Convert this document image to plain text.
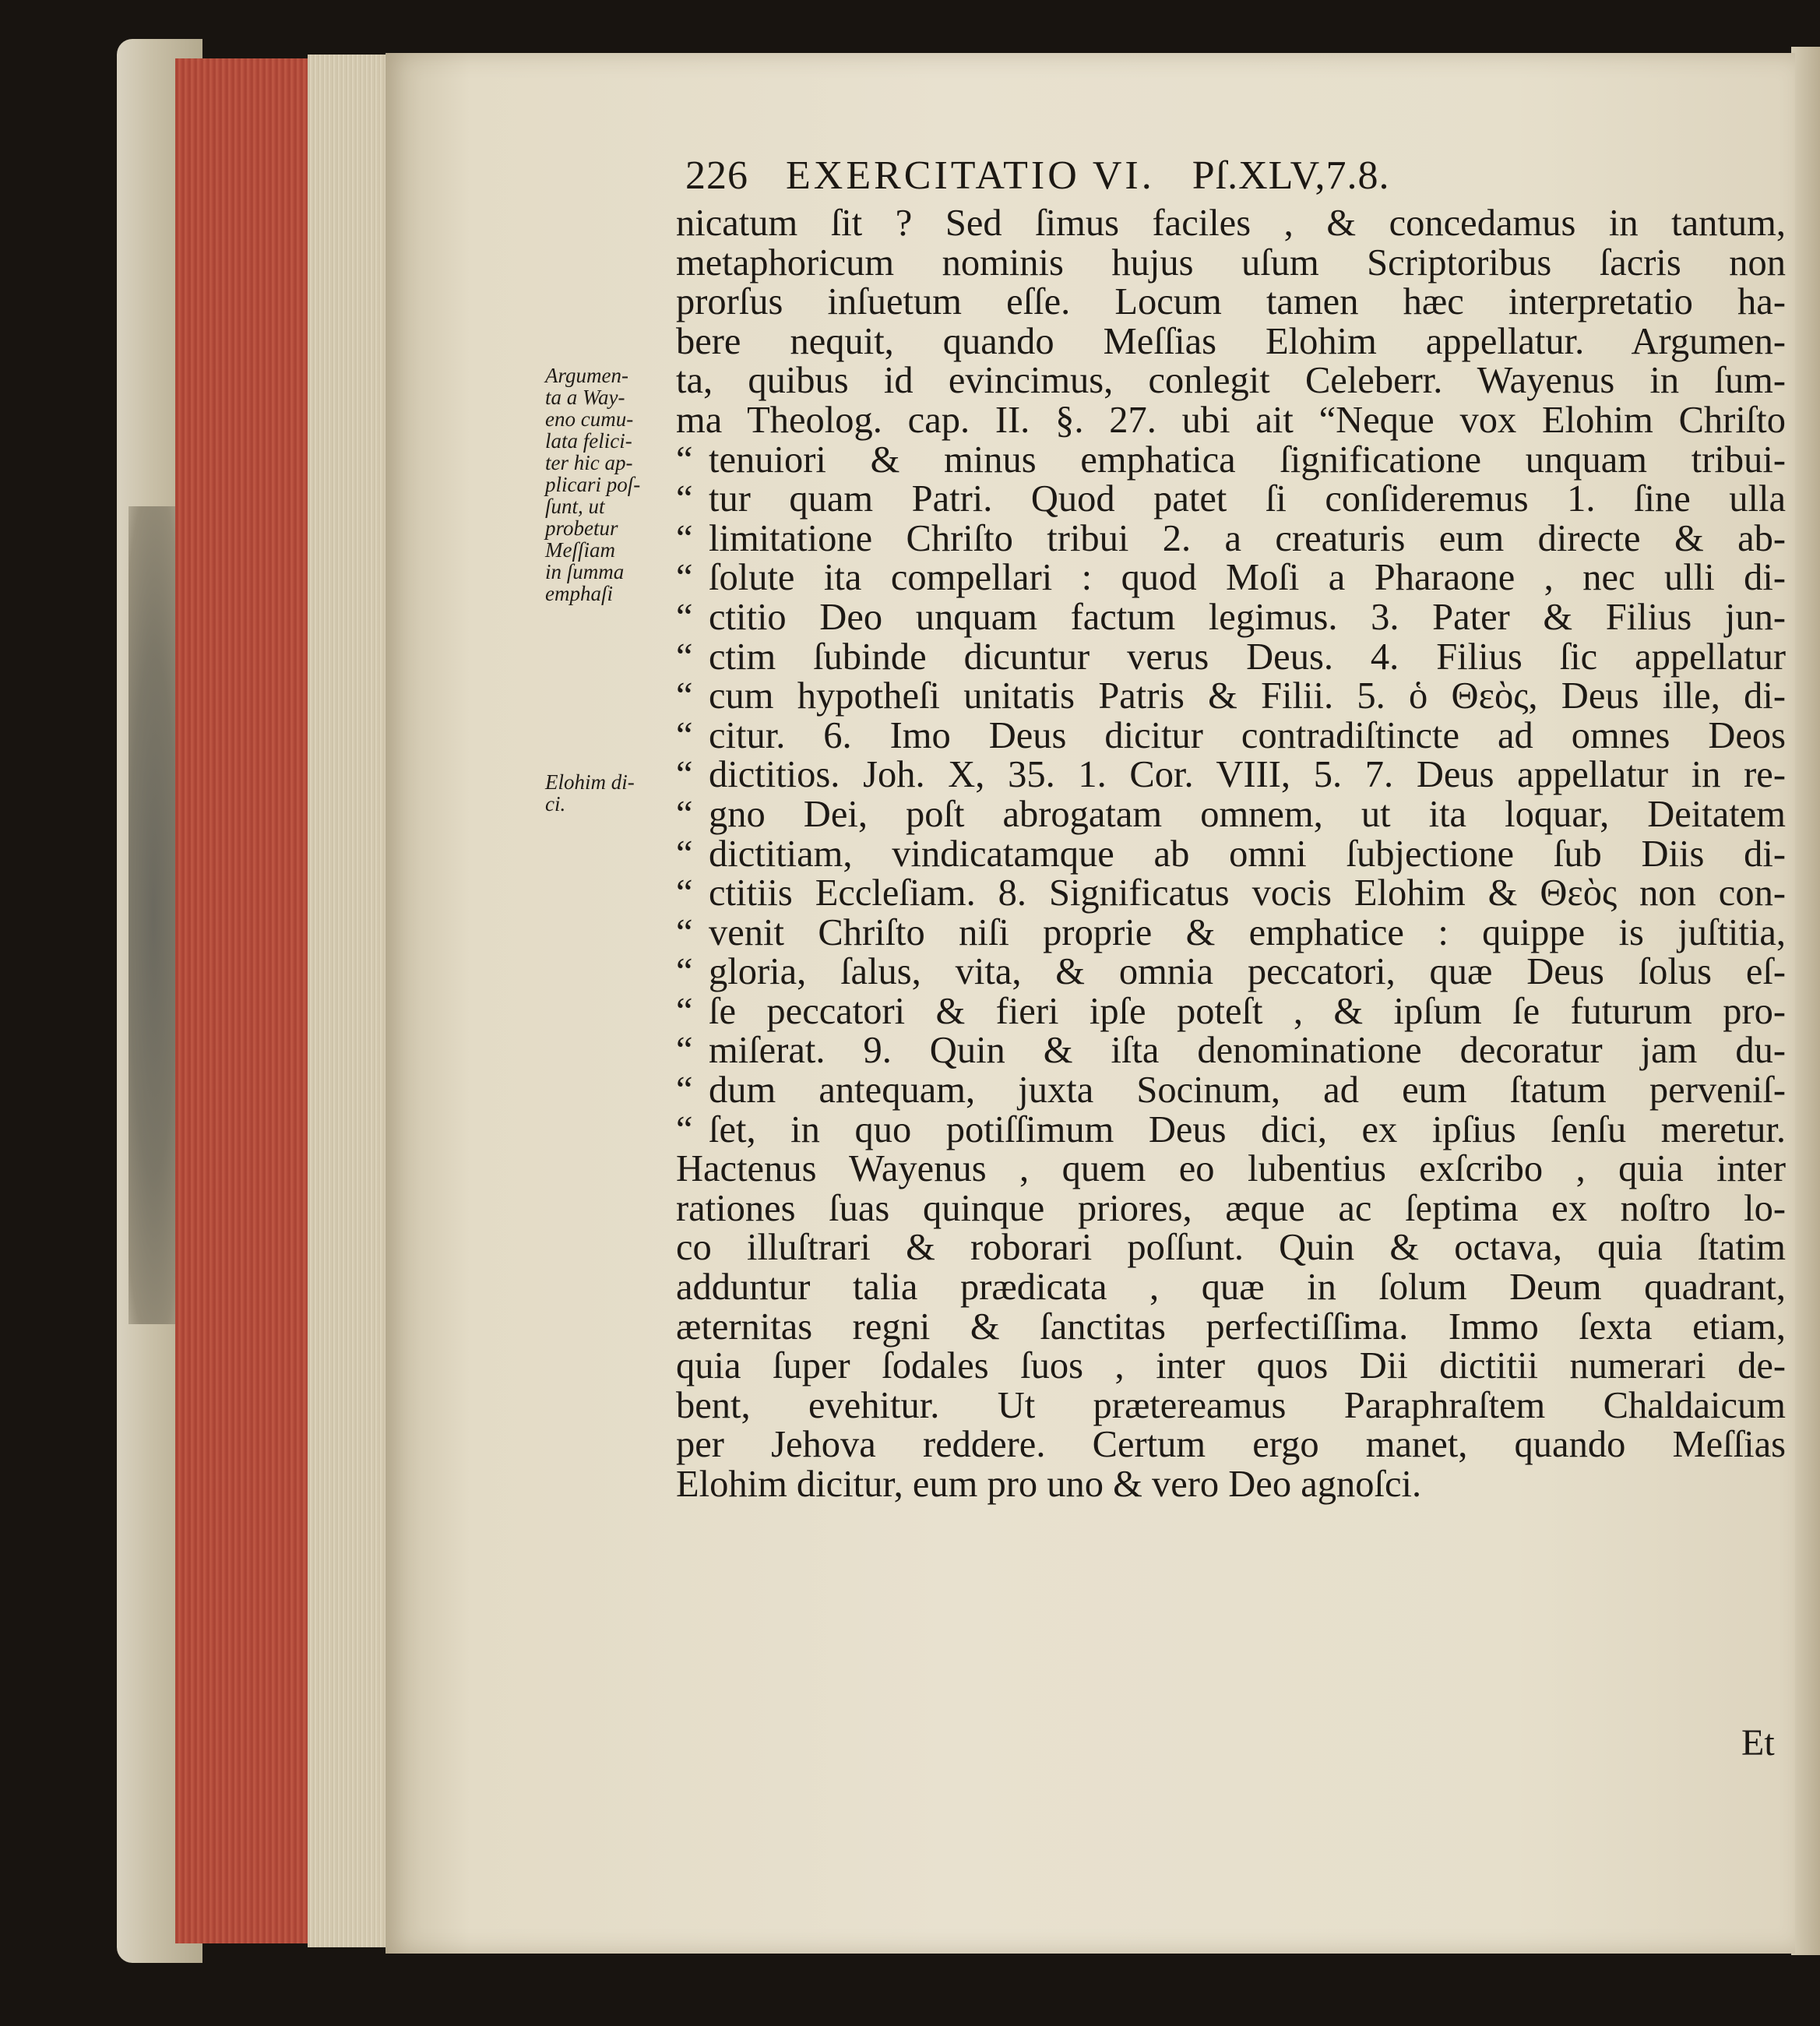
226 EXERCITATIO VI. Pſ.XLV,7.8.
nicatum ſit ? Sed ſimus faciles , & concedamus in tantum,
metaphoricum nominis hujus uſum Scriptoribus ſacris non
prorſus inſuetum eſſe. Locum tamen hæc interpretatio ha-
bere nequit, quando Meſſias Elohim appellatur. Argumen-
ta, quibus id evincimus, conlegit Celeberr. Wayenus in ſum-
ma Theolog. cap. II. §. 27. ubi ait “Neque vox Elohim Chriſto
“ tenuiori & minus emphatica ſignificatione unquam tribui-
“ tur quam Patri. Quod patet ſi conſideremus 1. ſine ulla
“ limitatione Chriſto tribui 2. a creaturis eum directe & ab-
“ ſolute ita compellari : quod Moſi a Pharaone , nec ulli di-
“ ctitio Deo unquam factum legimus. 3. Pater & Filius jun-
“ ctim ſubinde dicuntur verus Deus. 4. Filius ſic appellatur
“ cum hypotheſi unitatis Patris & Filii. 5. ὁ Θεὸς, Deus ille, di-
“ citur. 6. Imo Deus dicitur contradiſtincte ad omnes Deos
“ dictitios. Joh. X, 35. 1. Cor. VIII, 5. 7. Deus appellatur in re-
“ gno Dei, poſt abrogatam omnem, ut ita loquar, Deitatem
“ dictitiam, vindicatamque ab omni ſubjectione ſub Diis di-
“ ctitiis Eccleſiam. 8. Significatus vocis Elohim & Θεὸς non con-
“ venit Chriſto niſi proprie & emphatice : quippe is juſtitia,
“ gloria, ſalus, vita, & omnia peccatori, quæ Deus ſolus eſ-
“ ſe peccatori & fieri ipſe poteſt , & ipſum ſe futurum pro-
“ miſerat. 9. Quin & iſta denominatione decoratur jam du-
“ dum antequam, juxta Socinum, ad eum ſtatum perveniſ-
“ ſet, in quo potiſſimum Deus dici, ex ipſius ſenſu meretur.
Hactenus Wayenus , quem eo lubentius exſcribo , quia inter
rationes ſuas quinque priores, æque ac ſeptima ex noſtro lo-
co illuſtrari & roborari poſſunt. Quin & octava, quia ſtatim
adduntur talia prædicata , quæ in ſolum Deum quadrant,
æternitas regni & ſanctitas perfectiſſima. Immo ſexta etiam,
quia ſuper ſodales ſuos , inter quos Dii dictitii numerari de-
bent, evehitur. Ut prætereamus Paraphraſtem Chaldaicum
per Jehova reddere. Certum ergo manet, quando Meſſias
Elohim dicitur, eum pro uno & vero Deo agnoſci.
Argumen-
ta a Way-
eno cumu-
lata felici-
ter hic ap-
plicari poſ-
ſunt, ut
probetur
Meſſiam
in ſumma
emphaſi
Elohim di-
ci.
Et
